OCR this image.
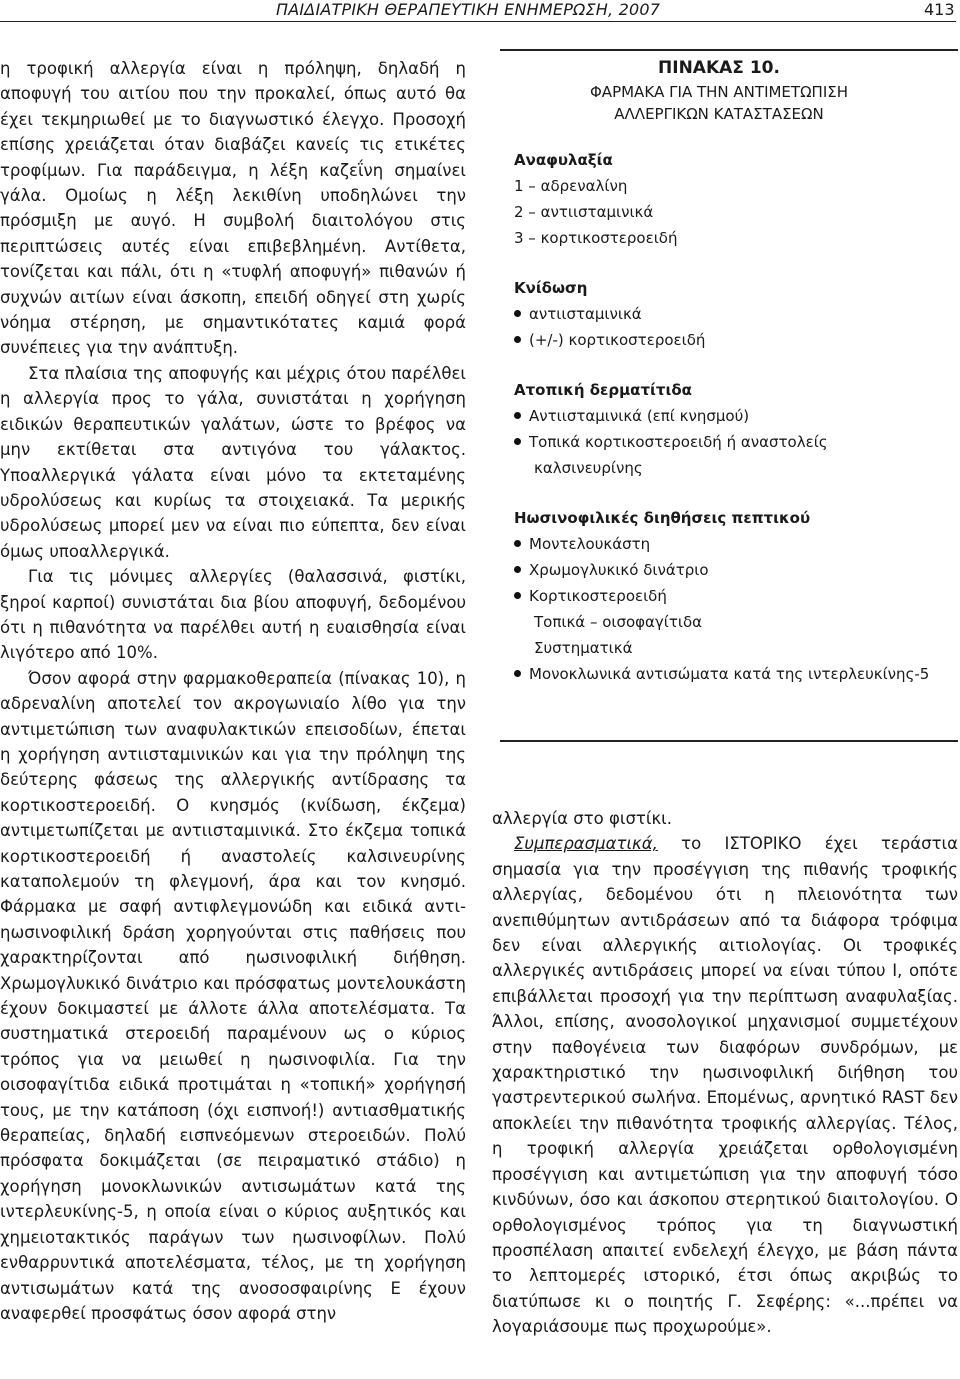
ΠΑΙΔΙΑΤΡΙΚΗ ΘΕΡΑΠΕΥΤΙΚΗ ΕΝΗΜΕΡΩΣΗ, 2007	413

η τροφική αλλεργία είναι η πρόληψη, δηλαδή η αποφυγή του αιτίου που την προκαλεί, όπως αυτό θα έχει τεκμηριωθεί με το διαγνωστικό έλεγχο. Προσοχή επίσης χρειάζεται όταν διαβάζει κανείς τις ετικέτες τροφίμων. Για παράδειγμα, η λέξη καζεΐνη σημαίνει γάλα. Ομοίως η λέξη λεκιθίνη υποδηλώνει την πρόσμιξη με αυγό. Η συμβολή διαιτολόγου στις περιπτώσεις αυτές είναι επιβεβλημένη. Αντίθετα, τονίζεται και πάλι, ότι η «τυφλή αποφυγή» πιθανών ή συχνών αιτίων είναι άσκοπη, επειδή οδηγεί στη χωρίς νόημα στέρηση, με σημαντικότατες καμιά φορά συνέπειες για την ανάπτυξη.

Στα πλαίσια της αποφυγής και μέχρις ότου παρέλθει η αλλεργία προς το γάλα, συνιστάται η χορήγηση ειδικών θεραπευτικών γαλάτων, ώστε το βρέφος να μην εκτίθεται στα αντιγόνα του γάλακτος. Υποαλλεργικά γάλατα είναι μόνο τα εκτεταμένης υδρολύσεως και κυρίως τα στοιχειακά. Τα μερικής υδρολύσεως μπορεί μεν να είναι πιο εύπεπτα, δεν είναι όμως υποαλλεργικά.

Για τις μόνιμες αλλεργίες (θαλασσινά, φιστίκι, ξηροί καρποί) συνιστάται δια βίου αποφυγή, δεδομένου ότι η πιθανότητα να παρέλθει αυτή η ευαισθησία είναι λιγότερο από 10%.

Όσον αφορά στην φαρμακοθεραπεία (πίνακας 10), η αδρεναλίνη αποτελεί τον ακρογωνιαίο λίθο για την αντιμετώπιση των αναφυλακτικών επεισοδίων, έπεται η χορήγηση αντιισταμινικών και για την πρόληψη της δεύτερης φάσεως της αλλεργικής αντίδρασης τα κορτικοστεροειδή. Ο κνησμός (κνίδωση, έκζεμα) αντιμετωπίζεται με αντιισταμινικά. Στο έκζεμα τοπικά κορτικοστεροειδή ή αναστολείς καλσινευρίνης καταπολεμούν τη φλεγμονή, άρα και τον κνησμό. Φάρμακα με σαφή αντιφλεγμονώδη και ειδικά αντι-ηωσινοφιλική δράση χορηγούνται στις παθήσεις που χαρακτηρίζονται από ηωσινοφιλική διήθηση. Χρωμογλυκικό δινάτριο και πρόσφατως μοντελουκάστη έχουν δοκιμαστεί με άλλοτε άλλα αποτελέσματα. Τα συστηματικά στεροειδή παραμένουν ως ο κύριος τρόπος για να μειωθεί η ηωσινοφιλία. Για την οισοφαγίτιδα ειδικά προτιμάται η «τοπική» χορήγησή τους, με την κατάποση (όχι εισπνοή!) αντιασθματικής θεραπείας, δηλαδή εισπνεόμενων στεροειδών. Πολύ πρόσφατα δοκιμάζεται (σε πειραματικό στάδιο) η χορήγηση μονοκλωνικών αντισωμάτων κατά της ιντερλευκίνης-5, η οποία είναι ο κύριος αυξητικός και χημειοτακτικός παράγων των ηωσινοφίλων. Πολύ ενθαρρυντικά αποτελέσματα, τέλος, με τη χορήγηση αντισωμάτων κατά της ανοσοσφαιρίνης Ε έχουν αναφερθεί προσφάτως όσον αφορά στην

ΠΙΝΑΚΑΣ 10.
ΦΑΡΜΑΚΑ ΓΙΑ ΤΗΝ ΑΝΤΙΜΕΤΩΠΙΣΗ
ΑΛΛΕΡΓΙΚΩΝ ΚΑΤΑΣΤΑΣΕΩΝ
Αναφυλαξία
1 – αδρεναλίνη
2 – αντιισταμινικά
3 – κορτικοστεροειδή
Κνίδωση
αντιισταμινικά
(+/-) κορτικοστεροειδή
Ατοπική δερματίτιδα
Αντιισταμινικά (επί κνησμού)
Τοπικά κορτικοστεροειδή ή αναστολείς
καλσινευρίνης
Ηωσινοφιλικές διηθήσεις πεπτικού
Μοντελουκάστη
Χρωμογλυκικό δινάτριο
Κορτικοστεροειδή
Τοπικά – οισοφαγίτιδα
Συστηματικά
Μονοκλωνικά αντισώματα κατά της ιντερλευκίνης-5

αλλεργία στο φιστίκι.

Συμπερασματικά, το ΙΣΤΟΡΙΚΟ έχει τεράστια σημασία για την προσέγγιση της πιθανής τροφικής αλλεργίας, δεδομένου ότι η πλειονότητα των ανεπιθύμητων αντιδράσεων από τα διάφορα τρόφιμα δεν είναι αλλεργικής αιτιολογίας. Οι τροφικές αλλεργικές αντιδράσεις μπορεί να είναι τύπου Ι, οπότε επιβάλλεται προσοχή για την περίπτωση αναφυλαξίας. Άλλοι, επίσης, ανοσολογικοί μηχανισμοί συμμετέχουν στην παθογένεια των διαφόρων συνδρόμων, με χαρακτηριστικό την ηωσινοφιλική διήθηση του γαστρεντερικού σωλήνα. Επομένως, αρνητικό RAST δεν αποκλείει την πιθανότητα τροφικής αλλεργίας. Τέλος, η τροφική αλλεργία χρειάζεται ορθολογισμένη προσέγγιση και αντιμετώπιση για την αποφυγή τόσο κινδύνων, όσο και άσκοπου στερητικού διαιτολογίου. Ο ορθολογισμένος τρόπος για τη διαγνωστική προσπέλαση απαιτεί ενδελεχή έλεγχο, με βάση πάντα το λεπτομερές ιστορικό, έτσι όπως ακριβώς το διατύπωσε κι ο ποιητής Γ. Σεφέρης: «...πρέπει να λογαριάσουμε πως προχωρούμε».
